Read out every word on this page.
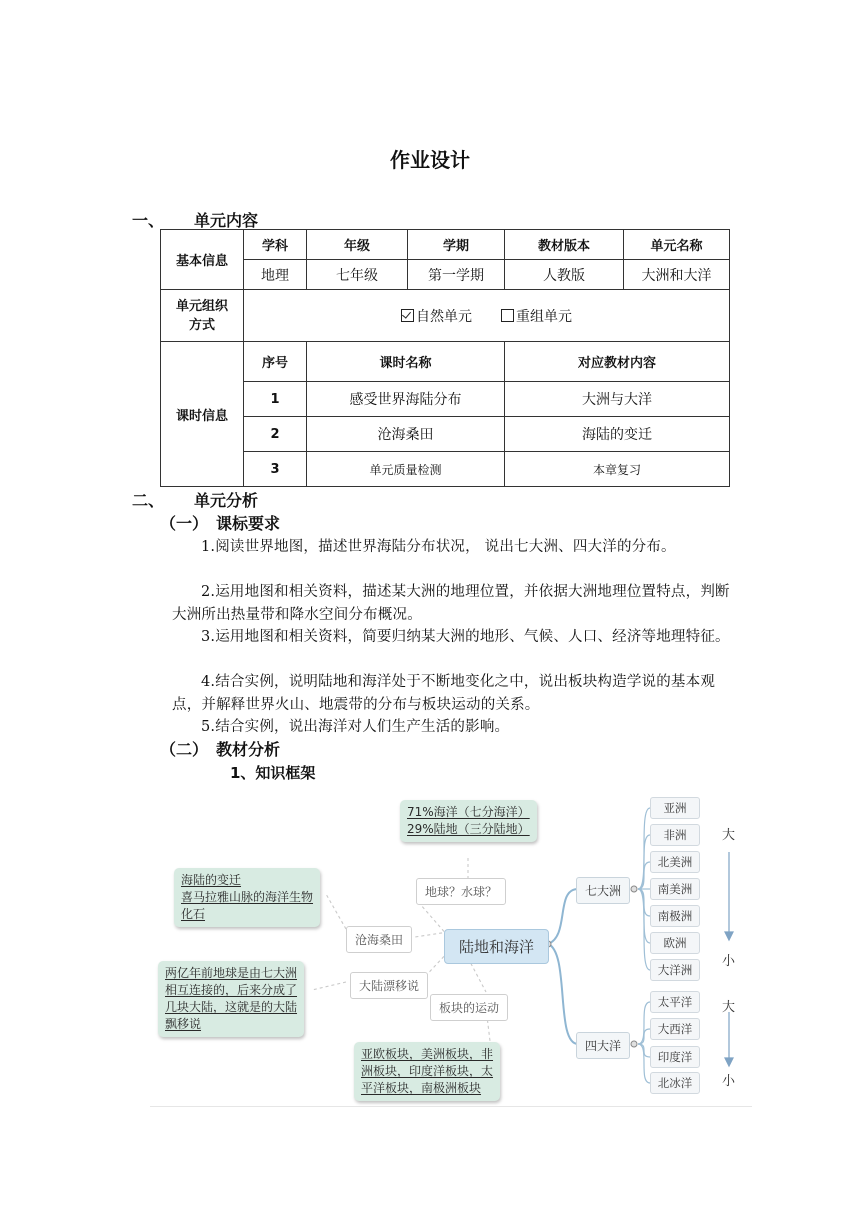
作业设计
一、 单元内容
基本信息	学科	年级	学期	教材版本	单元名称
	地理	七年级	第一学期	人教版	大洲和大洋
单元组织方式	自然单元 重组单元				
课时信息	序号	课时名称		对应教材内容	
	1	感受世界海陆分布		大洲与大洋	
	2	沧海桑田		海陆的变迁	
	3	单元质量检测		本章复习	
二、 单元分析
（一） 课标要求
1.阅读世界地图，描述世界海陆分布状况， 说出七大洲、四大洋的分布。
2.运用地图和相关资料，描述某大洲的地理位置，并依据大洲地理位置特点，判断大洲所出热量带和降水空间分布概况。
3.运用地图和相关资料，简要归纳某大洲的地形、气候、人口、经济等地理特征。
4.结合实例，说明陆地和海洋处于不断地变化之中，说出板块构造学说的基本观点，并解释世界火山、地震带的分布与板块运动的关系。
5.结合实例，说出海洋对人们生产生活的影响。
（二） 教材分析
1、知识框架
71%海洋（七分海洋）
29%陆地（三分陆地）
地球？水球？
海陆的变迁
喜马拉雅山脉的海洋生物
化石
沧海桑田	陆地和海洋
两亿年前地球是由七大洲
相互连接的，后来分成了
几块大陆，这就是的大陆
飘移说
大陆漂移说
板块的运动
亚欧板块，美洲板块，非
洲板块，印度洋板块，太
平洋板块，南极洲板块
七大洲
四大洋
亚洲
非洲
北美洲
南美洲
南极洲
欧洲
大洋洲
太平洋
大西洋
印度洋
北冰洋
大
小
大
小
